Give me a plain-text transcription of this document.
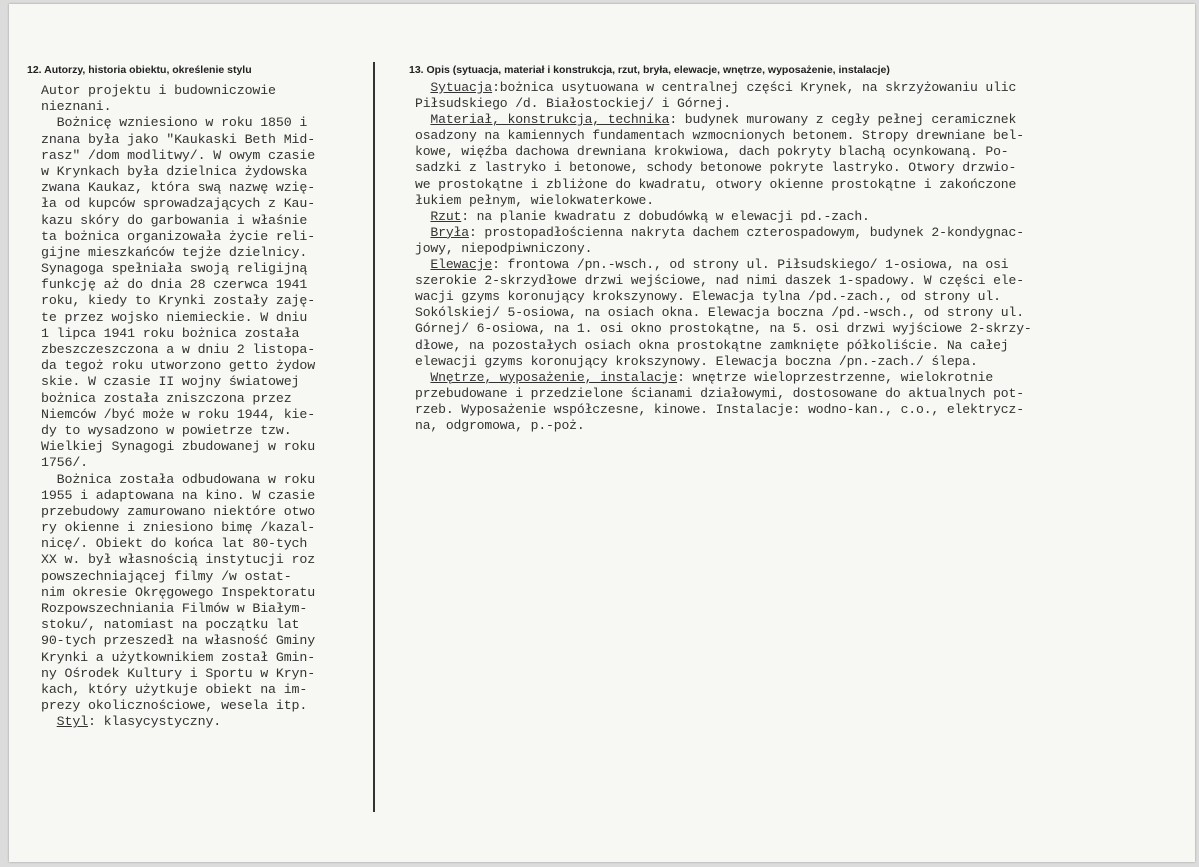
12. Autorzy, historia obiektu, określenie stylu	13. Opis (sytuacja, materiał i konstrukcja, rzut, bryła, elewacje, wnętrze, wyposażenie, instalacje)
Autor projektu i budowniczowie
nieznani.
Bożnicę wzniesiono w roku 1850 i
znana była jako "Kaukaski Beth Mid-
rasz" /dom modlitwy/. W owym czasie
w Krynkach była dzielnica żydowska
zwana Kaukaz, która swą nazwę wzię-
ła od kupców sprowadzających z Kau-
kazu skóry do garbowania i właśnie
ta bożnica organizowała życie reli-
gijne mieszkańców tejże dzielnicy.
Synagoga spełniała swoją religijną
funkcję aż do dnia 28 czerwca 1941
roku, kiedy to Krynki zostały zaję-
te przez wojsko niemieckie. W dniu
1 lipca 1941 roku bożnica została
zbeszczeszczona a w dniu 2 listopa-
da tegoż roku utworzono getto żydow
skie. W czasie II wojny światowej
bożnica została zniszczona przez
Niemców /być może w roku 1944, kie-
dy to wysadzono w powietrze tzw.
Wielkiej Synagogi zbudowanej w roku
1756/.
Bożnica została odbudowana w roku
1955 i adaptowana na kino. W czasie
przebudowy zamurowano niektóre otwo
ry okienne i zniesiono bimę /kazal-
nicę/. Obiekt do końca lat 80-tych
XX w. był własnością instytucji roz
powszechniającej filmy /w ostat-
nim okresie Okręgowego Inspektoratu
Rozpowszechniania Filmów w Białym-
stoku/, natomiast na początku lat
90-tych przeszedł na własność Gminy
Krynki a użytkownikiem został Gmin-
ny Ośrodek Kultury i Sportu w Kryn-
kach, który użytkuje obiekt na im-
prezy okolicznościowe, wesela itp.
Styl: klasycystyczny.
Sytuacja:bożnica usytuowana w centralnej części Krynek, na skrzyżowaniu ulic
Piłsudskiego /d. Białostockiej/ i Górnej.
Materiał, konstrukcja, technika: budynek murowany z cegły pełnej ceramicznek
osadzony na kamiennych fundamentach wzmocnionych betonem. Stropy drewniane bel-
kowe, więźba dachowa drewniana krokwiowa, dach pokryty blachą ocynkowaną. Po-
sadzki z lastryko i betonowe, schody betonowe pokryte lastryko. Otwory drzwio-
we prostokątne i zbliżone do kwadratu, otwory okienne prostokątne i zakończone
łukiem pełnym, wielokwaterkowe.
Rzut: na planie kwadratu z dobudówką w elewacji pd.-zach.
Bryła: prostopadłościenna nakryta dachem czterospadowym, budynek 2-kondygnac-
jowy, niepodpiwniczony.
Elewacje: frontowa /pn.-wsch., od strony ul. Piłsudskiego/ 1-osiowa, na osi
szerokie 2-skrzydłowe drzwi wejściowe, nad nimi daszek 1-spadowy. W części ele-
wacji gzyms koronujący krokszynowy. Elewacja tylna /pd.-zach., od strony ul.
Sokólskiej/ 5-osiowa, na osiach okna. Elewacja boczna /pd.-wsch., od strony ul.
Górnej/ 6-osiowa, na 1. osi okno prostokątne, na 5. osi drzwi wyjściowe 2-skrzy-
dłowe, na pozostałych osiach okna prostokątne zamknięte półkoliście. Na całej
elewacji gzyms koronujący krokszynowy. Elewacja boczna /pn.-zach./ ślepa.
Wnętrze, wyposażenie, instalacje: wnętrze wieloprzestrzenne, wielokrotnie
przebudowane i przedzielone ścianami działowymi, dostosowane do aktualnych pot-
rzeb. Wyposażenie współczesne, kinowe. Instalacje: wodno-kan., c.o., elektrycz-
na, odgromowa, p.-poż.
